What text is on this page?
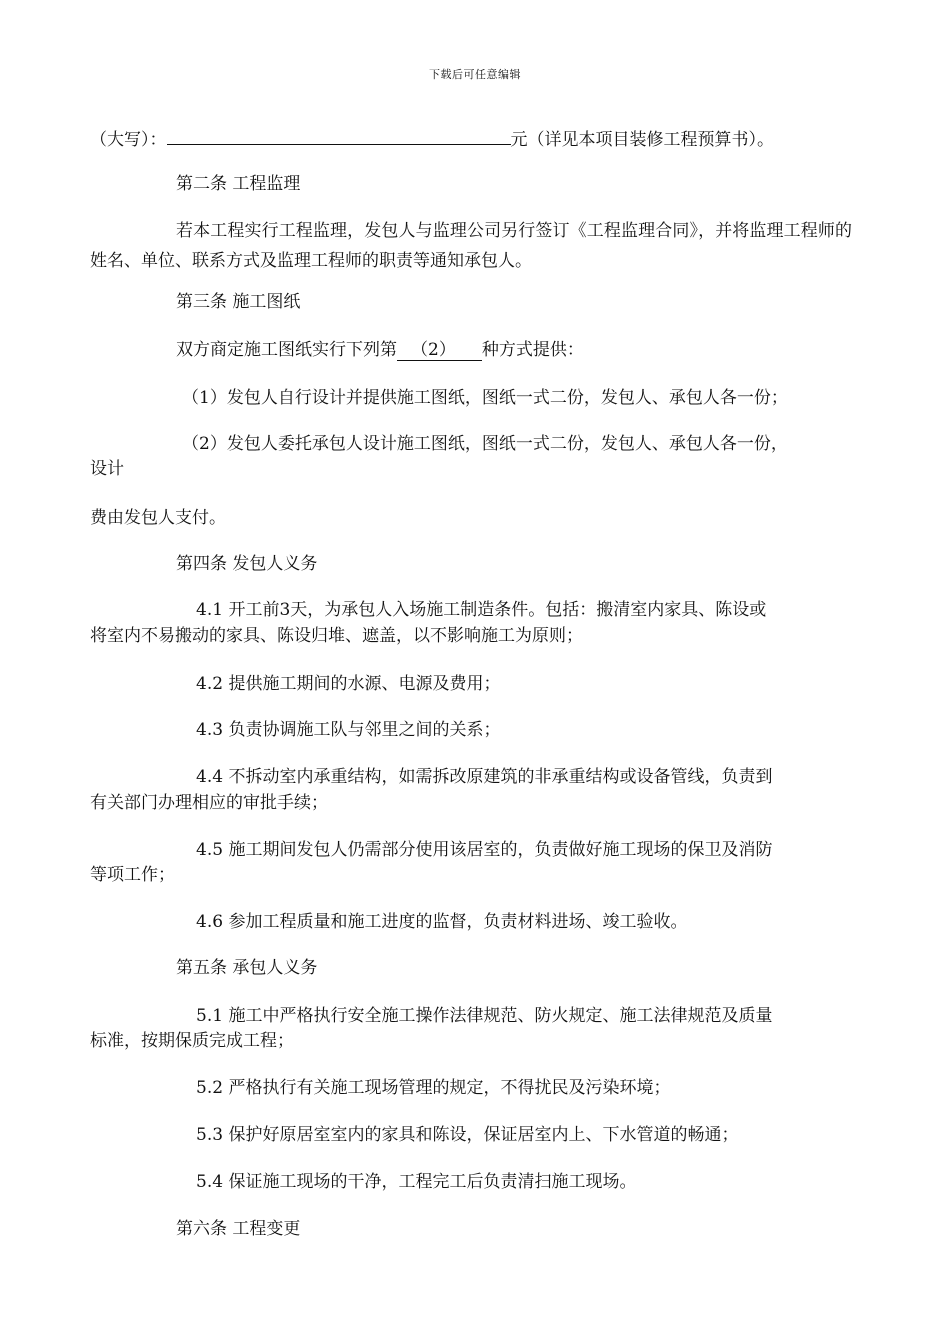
下载后可任意编辑
（大写）：	元（详见本项目装修工程预算书）。
第二条 工程监理
若本工程实行工程监理，发包人与监理公司另行签订《工程监理合同》，并将监理工程师的姓名、单位、联系方式及监理工程师的职责等通知承包人。
第三条 施工图纸
双方商定施工图纸实行下列第 （2） 种方式提供：
（1）发包人自行设计并提供施工图纸，图纸一式二份，发包人、承包人各一份；
（2）发包人委托承包人设计施工图纸，图纸一式二份，发包人、承包人各一份，
设计
费由发包人支付。
第四条 发包人义务
4.1 开工前3天，为承包人入场施工制造条件。包括：搬清室内家具、陈设或
将室内不易搬动的家具、陈设归堆、遮盖，以不影响施工为原则；
4.2 提供施工期间的水源、电源及费用；
4.3 负责协调施工队与邻里之间的关系；
4.4 不拆动室内承重结构，如需拆改原建筑的非承重结构或设备管线，负责到
有关部门办理相应的审批手续；
4.5 施工期间发包人仍需部分使用该居室的，负责做好施工现场的保卫及消防
等项工作；
4.6 参加工程质量和施工进度的监督，负责材料进场、竣工验收。
第五条 承包人义务
5.1 施工中严格执行安全施工操作法律规范、防火规定、施工法律规范及质量
标准，按期保质完成工程；
5.2 严格执行有关施工现场管理的规定，不得扰民及污染环境；
5.3 保护好原居室室内的家具和陈设，保证居室内上、下水管道的畅通；
5.4 保证施工现场的干净，工程完工后负责清扫施工现场。
第六条 工程变更
